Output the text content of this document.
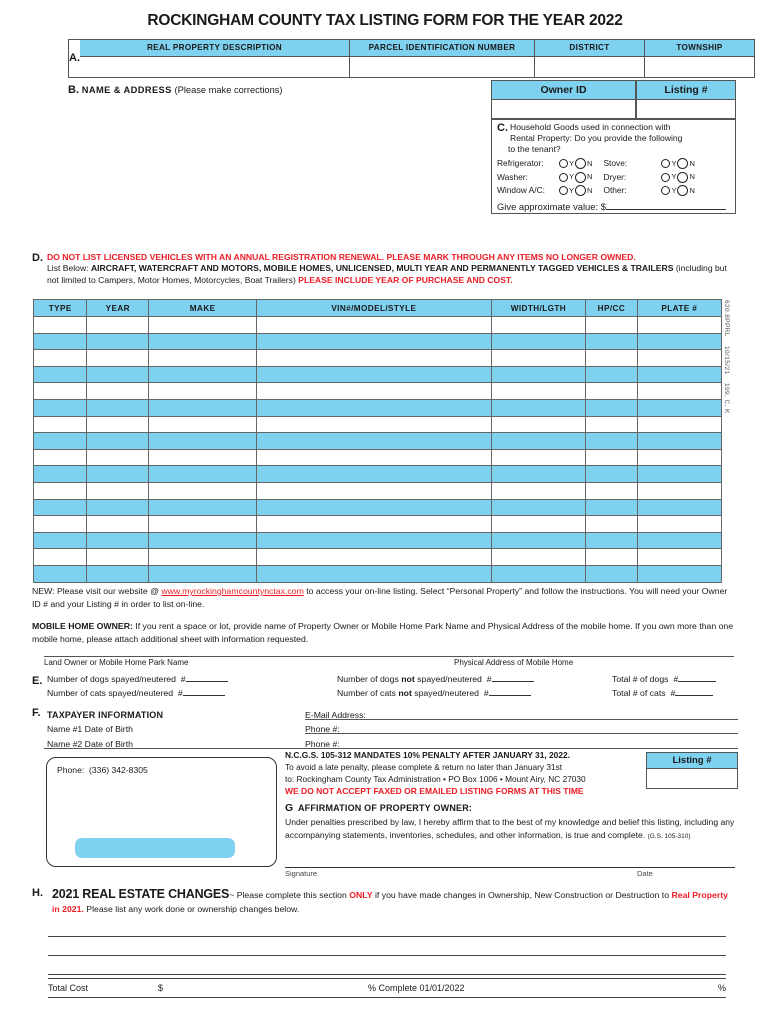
ROCKINGHAM COUNTY TAX LISTING FORM FOR THE YEAR 2022
A.
REAL PROPERTY DESCRIPTION	PARCEL IDENTIFICATION NUMBER	DISTRICT	TOWNSHIP
B. NAME & ADDRESS (Please make corrections)	Owner ID	Listing #
C. Household Goods used in connection with
Rental Property: Do you provide the following
to the tenant?
Refrigerator:	Y N Stove:	Y N
Washer:	Y N Dryer:	Y N
Window A/C:	Y N Other:	Y N
Give approximate value: $
D. DO NOT LIST LICENSED VEHICLES WITH AN ANNUAL REGISTRATION RENEWAL. PLEASE MARK THROUGH ANY ITEMS NO LONGER OWNED.
List Below: AIRCRAFT, WATERCRAFT AND MOTORS, MOBILE HOMES, UNLICENSED, MULTI YEAR AND PERMANENTLY TAGGED VEHICLES & TRAILERS (including but not limited to Campers, Motor Homes, Motorcycles, Boat Trailers) PLEASE INCLUDE YEAR OF PURCHASE AND COST.
TYPE	YEAR	MAKE	VIN#/MODEL/STYLE	WIDTH/LGTH	HP/CC	PLATE #

							620.8PPRL
10/15/21
199, C, K
NEW: Please visit our website @ www.myrockinghamcountynctax.com to access your on-line listing. Select “Personal Property” and follow the instructions. You will need your Owner ID # and your Listing # in order to list on-line.
MOBILE HOME OWNER: If you rent a space or lot, provide name of Property Owner or Mobile Home Park Name and Physical Address of the mobile home. If you own more than one mobile home, please attach additional sheet with information requested.
Land Owner or Mobile Home Park Name	Physical Address of Mobile Home
E. Number of dogs spayed/neutered #	Number of dogs not spayed/neutered #	Total # of dogs #
Number of cats spayed/neutered #	Number of cats not spayed/neutered #	Total # of cats #
F. TAXPAYER INFORMATION	E-Mail Address:
Name #1 Date of Birth	Phone #:
Name #2 Date of Birth	Phone #:
Phone: (336) 342-8305
N.C.G.S. 105-312 MANDATES 10% PENALTY AFTER JANUARY 31, 2022.
To avoid a late penalty, please complete & return no later than January 31st
to: Rockingham County Tax Administration • PO Box 1006 • Mount Airy, NC 27030
WE DO NOT ACCEPT FAXED OR EMAILED LISTING FORMS AT THIS TIME
Listing #
G AFFIRMATION OF PROPERTY OWNER:
Under penalties prescribed by law, I hereby affirm that to the best of my knowledge and belief this listing, including any accompanying statements, inventories, schedules, and other information, is true and complete. (G.S. 105-310)
Signature	Date
H. 2021 REAL ESTATE CHANGES~ Please complete this section ONLY if you have made changes in Ownership, New Construction or Destruction to Real Property in 2021. Please list any work done or ownership changes below.
Total Cost	$	% Complete 01/01/2022	%
